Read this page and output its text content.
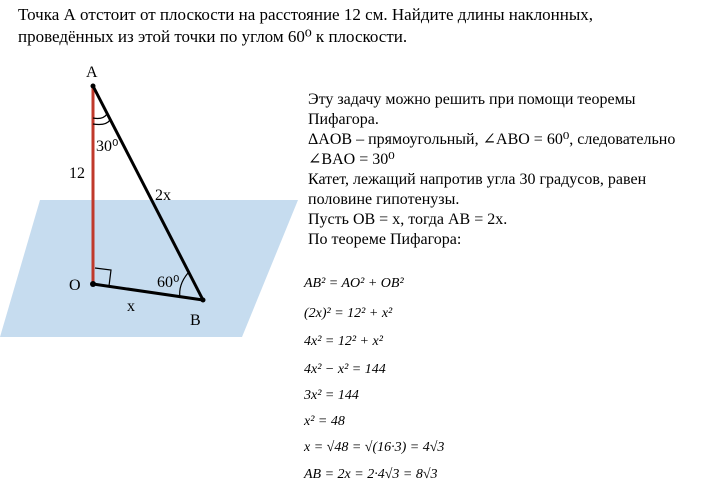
Точка А отстоит от плоскости на расстояние 12 см. Найдите длины наклонных,

проведённых из этой точки по углом 60⁰ к плоскости.

A
O
B
12
2x
x
30⁰
60⁰

Эту задачу можно решить при помощи теоремы

Пифагора.

ΔAOB – прямоугольный, ∠ABO = 60⁰, следовательно

∠BAO = 30⁰

Катет, лежащий напротив угла 30 градусов, равен

половине гипотенузы.

Пусть OB = x, тогда AB = 2x.

По теореме Пифагора:

AB² = AO² + OB²

(2x)² = 12² + x²

4x² = 12² + x²

4x² − x² = 144

3x² = 144

x² = 48

x = √48 = √(16·3) = 4√3

AB = 2x = 2·4√3 = 8√3
